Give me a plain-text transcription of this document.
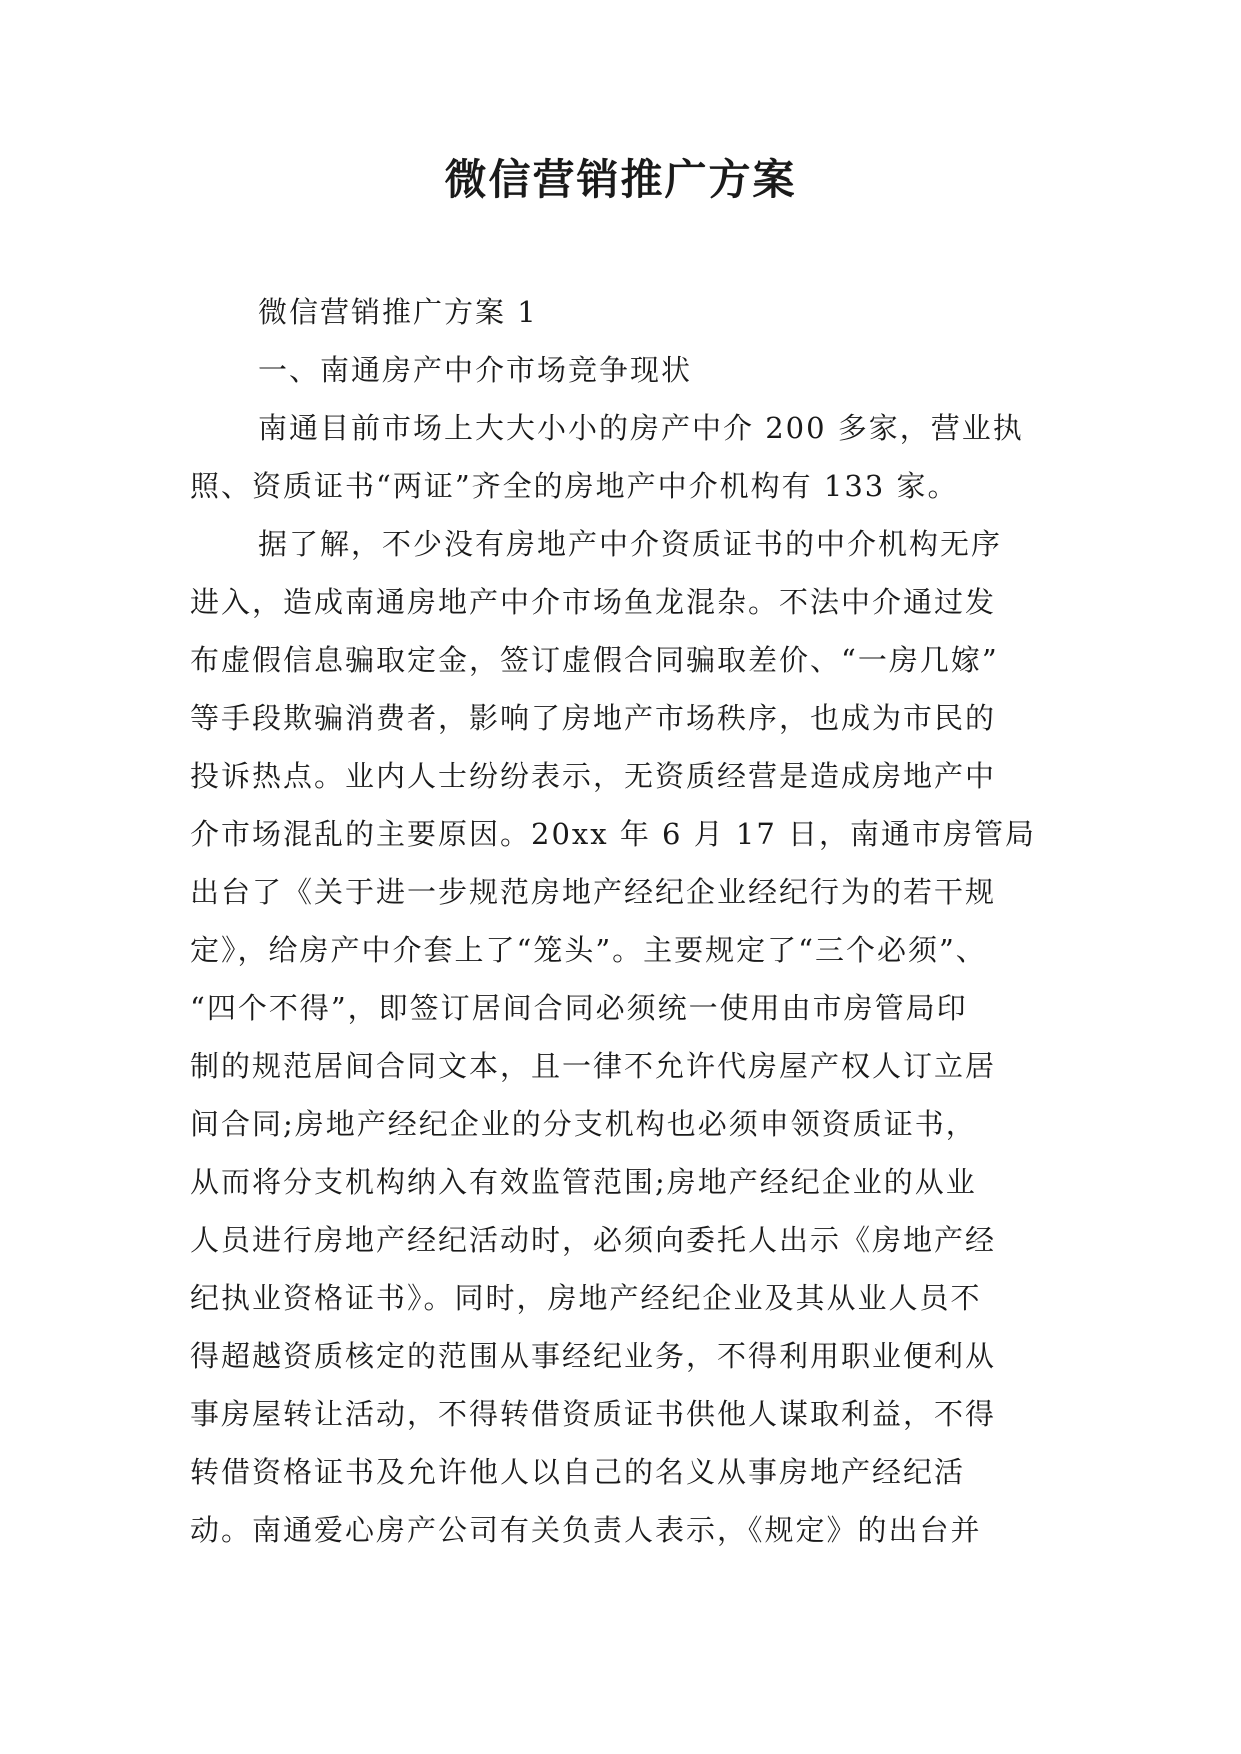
微信营销推广方案

微信营销推广方案 1

一、南通房产中介市场竞争现状

南通目前市场上大大小小的房产中介 200 多家，营业执

照、资质证书“两证”齐全的房地产中介机构有 133 家。

据了解，不少没有房地产中介资质证书的中介机构无序

进入，造成南通房地产中介市场鱼龙混杂。不法中介通过发

布虚假信息骗取定金，签订虚假合同骗取差价、“一房几嫁”

等手段欺骗消费者，影响了房地产市场秩序，也成为市民的

投诉热点。业内人士纷纷表示，无资质经营是造成房地产中

介市场混乱的主要原因。20xx 年 6 月 17 日，南通市房管局

出台了《关于进一步规范房地产经纪企业经纪行为的若干规

定》，给房产中介套上了“笼头”。主要规定了“三个必须”、

“四个不得”，即签订居间合同必须统一使用由市房管局印

制的规范居间合同文本，且一律不允许代房屋产权人订立居

间合同;房地产经纪企业的分支机构也必须申领资质证书，

从而将分支机构纳入有效监管范围;房地产经纪企业的从业

人员进行房地产经纪活动时，必须向委托人出示《房地产经

纪执业资格证书》。同时，房地产经纪企业及其从业人员不

得超越资质核定的范围从事经纪业务，不得利用职业便利从

事房屋转让活动，不得转借资质证书供他人谋取利益，不得

转借资格证书及允许他人以自己的名义从事房地产经纪活

动。南通爱心房产公司有关负责人表示，《规定》的出台并
